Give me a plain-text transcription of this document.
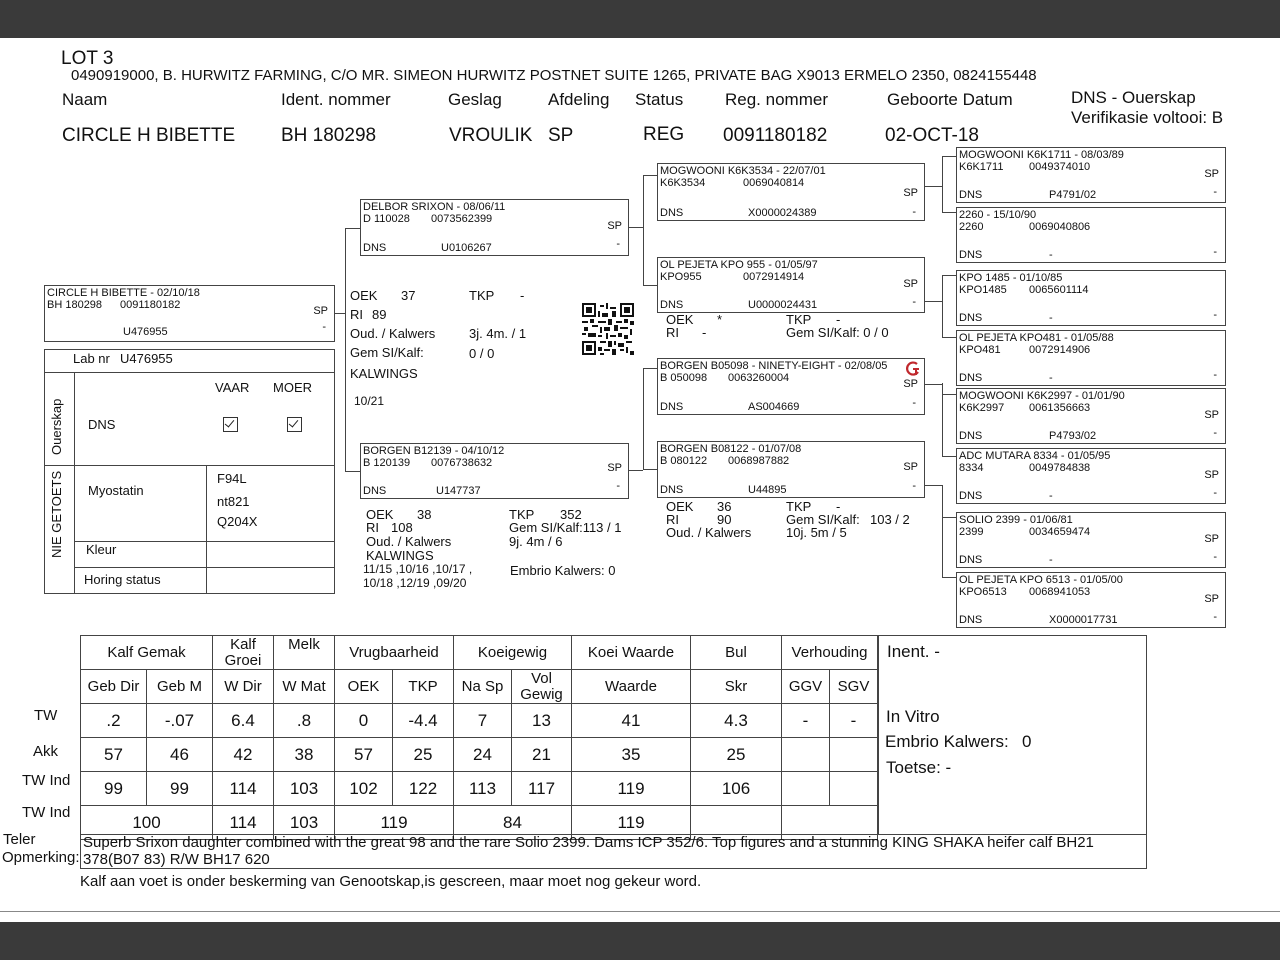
LOT 3
0490919000, B. HURWITZ FARMING, C/O MR. SIMEON HURWITZ POSTNET SUITE 1265, PRIVATE BAG X9013 ERMELO 2350, 0824155448
Naam	Ident. nommer	Geslag	Afdeling Status Reg. nommer	Geboorte Datum	DNS - Ouerskap
Verifikasie voltooi: B
CIRCLE H BIBETTE BH 180298	VROULIK SP	REG 0091180182	02-OCT-18
CIRCLE H BIBETTE - 02/10/18
BH 180298 0091180182	SP
-
U476955
OEK 37	TKP -
RI 89
Oud. / Kalwers	3j. 4m. / 1
Gem SI/Kalf:	0 / 0
KALWINGS
10/21
Lab nr U476955
VAAR MOER
DNS
Ouerskap
NIE GETOETS Myostatin
F94L
nt821
Q204X
Kleur
Horing status
DELBOR SRIXON - 08/06/11
D 110028 0073562399
SP
-
DNS	U0106267
BORGEN B12139 - 04/10/12
B 120139 0076738632	SP
-
DNS	U147737
OEK 38
RI 108
Oud. / Kalwers
KALWINGS
11/15 ,10/16 ,10/17 ,
10/18 ,12/19 ,09/20
TKP 352
Gem SI/Kalf:113 / 1
9j. 4m / 6
Embrio Kalwers: 0
MOGWOONI K6K3534 - 22/07/01
K6K3534	0069040814
SP
-
DNS	X0000024389
OL PEJETA KPO 955 - 01/05/97
KPO955	0072914914
SP
-
DNS	U0000024431
OEK *	TKP -
RI -	Gem SI/Kalf: 0 / 0
BORGEN B05098 - NINETY-EIGHT - 02/08/05
B 050098 0063260004	SP
-
DNS	AS004669
BORGEN B08122 - 01/07/08
B 080122 0068987882	SP
-
DNS	U44895
OEK 36	TKP -
RI	90	Gem SI/Kalf: 103 / 2
Oud. / Kalwers	10j. 5m / 5
MOGWOONI K6K1711 - 08/03/89
K6K1711 0049374010
SP
-
DNS	P4791/02
2260 - 15/10/90
2260	0069040806
-
DNS	-
KPO 1485 - 01/10/85
KPO1485 0065601114
-
DNS	-
OL PEJETA KPO481 - 01/05/88
KPO481	0072914906
-
DNS	-
MOGWOONI K6K2997 - 01/01/90
K6K2997 0061356663
SP
-
DNS	P4793/02
ADC MUTARA 8334 - 01/05/95
8334	0049784838
SP
-
DNS	-
SOLIO 2399 - 01/06/81
2399	0034659474
SP
-
DNS	-
OL PEJETA KPO 6513 - 01/05/00
KPO6513 0068941053
SP
-
DNS	X0000017731
Kalf Gemak		Kalf Groei	Melk	Vrugbaarheid		Koeigewig		Koei Waarde	Bul	Verhouding	
Geb Dir	Geb M	W Dir	W Mat	OEK	TKP	Na Sp	Vol Gewig	Waarde	Skr	GGV	SGV
.2	-.07	6.4	.8	0	-4.4	7	13	41	4.3	-	-
57	46	42	38	57	25	24	21	35	25		
99	99	114	103	102	122	113	117	119	106		
100		114	103	119		84		119			
TW
Akk
TW Ind
TW Ind
Inent. -
In Vitro
Embrio Kalwers: 0
Toetse: -
Teler
Opmerking:
Superb Srixon daughter combined with the great 98 and the rare Solio 2399. Dams ICP 352/6. Top figures and a stunning KING SHAKA heifer calf BH21
378(B07 83) R/W BH17 620
Kalf aan voet is onder beskerming van Genootskap,is gescreen, maar moet nog gekeur word.
